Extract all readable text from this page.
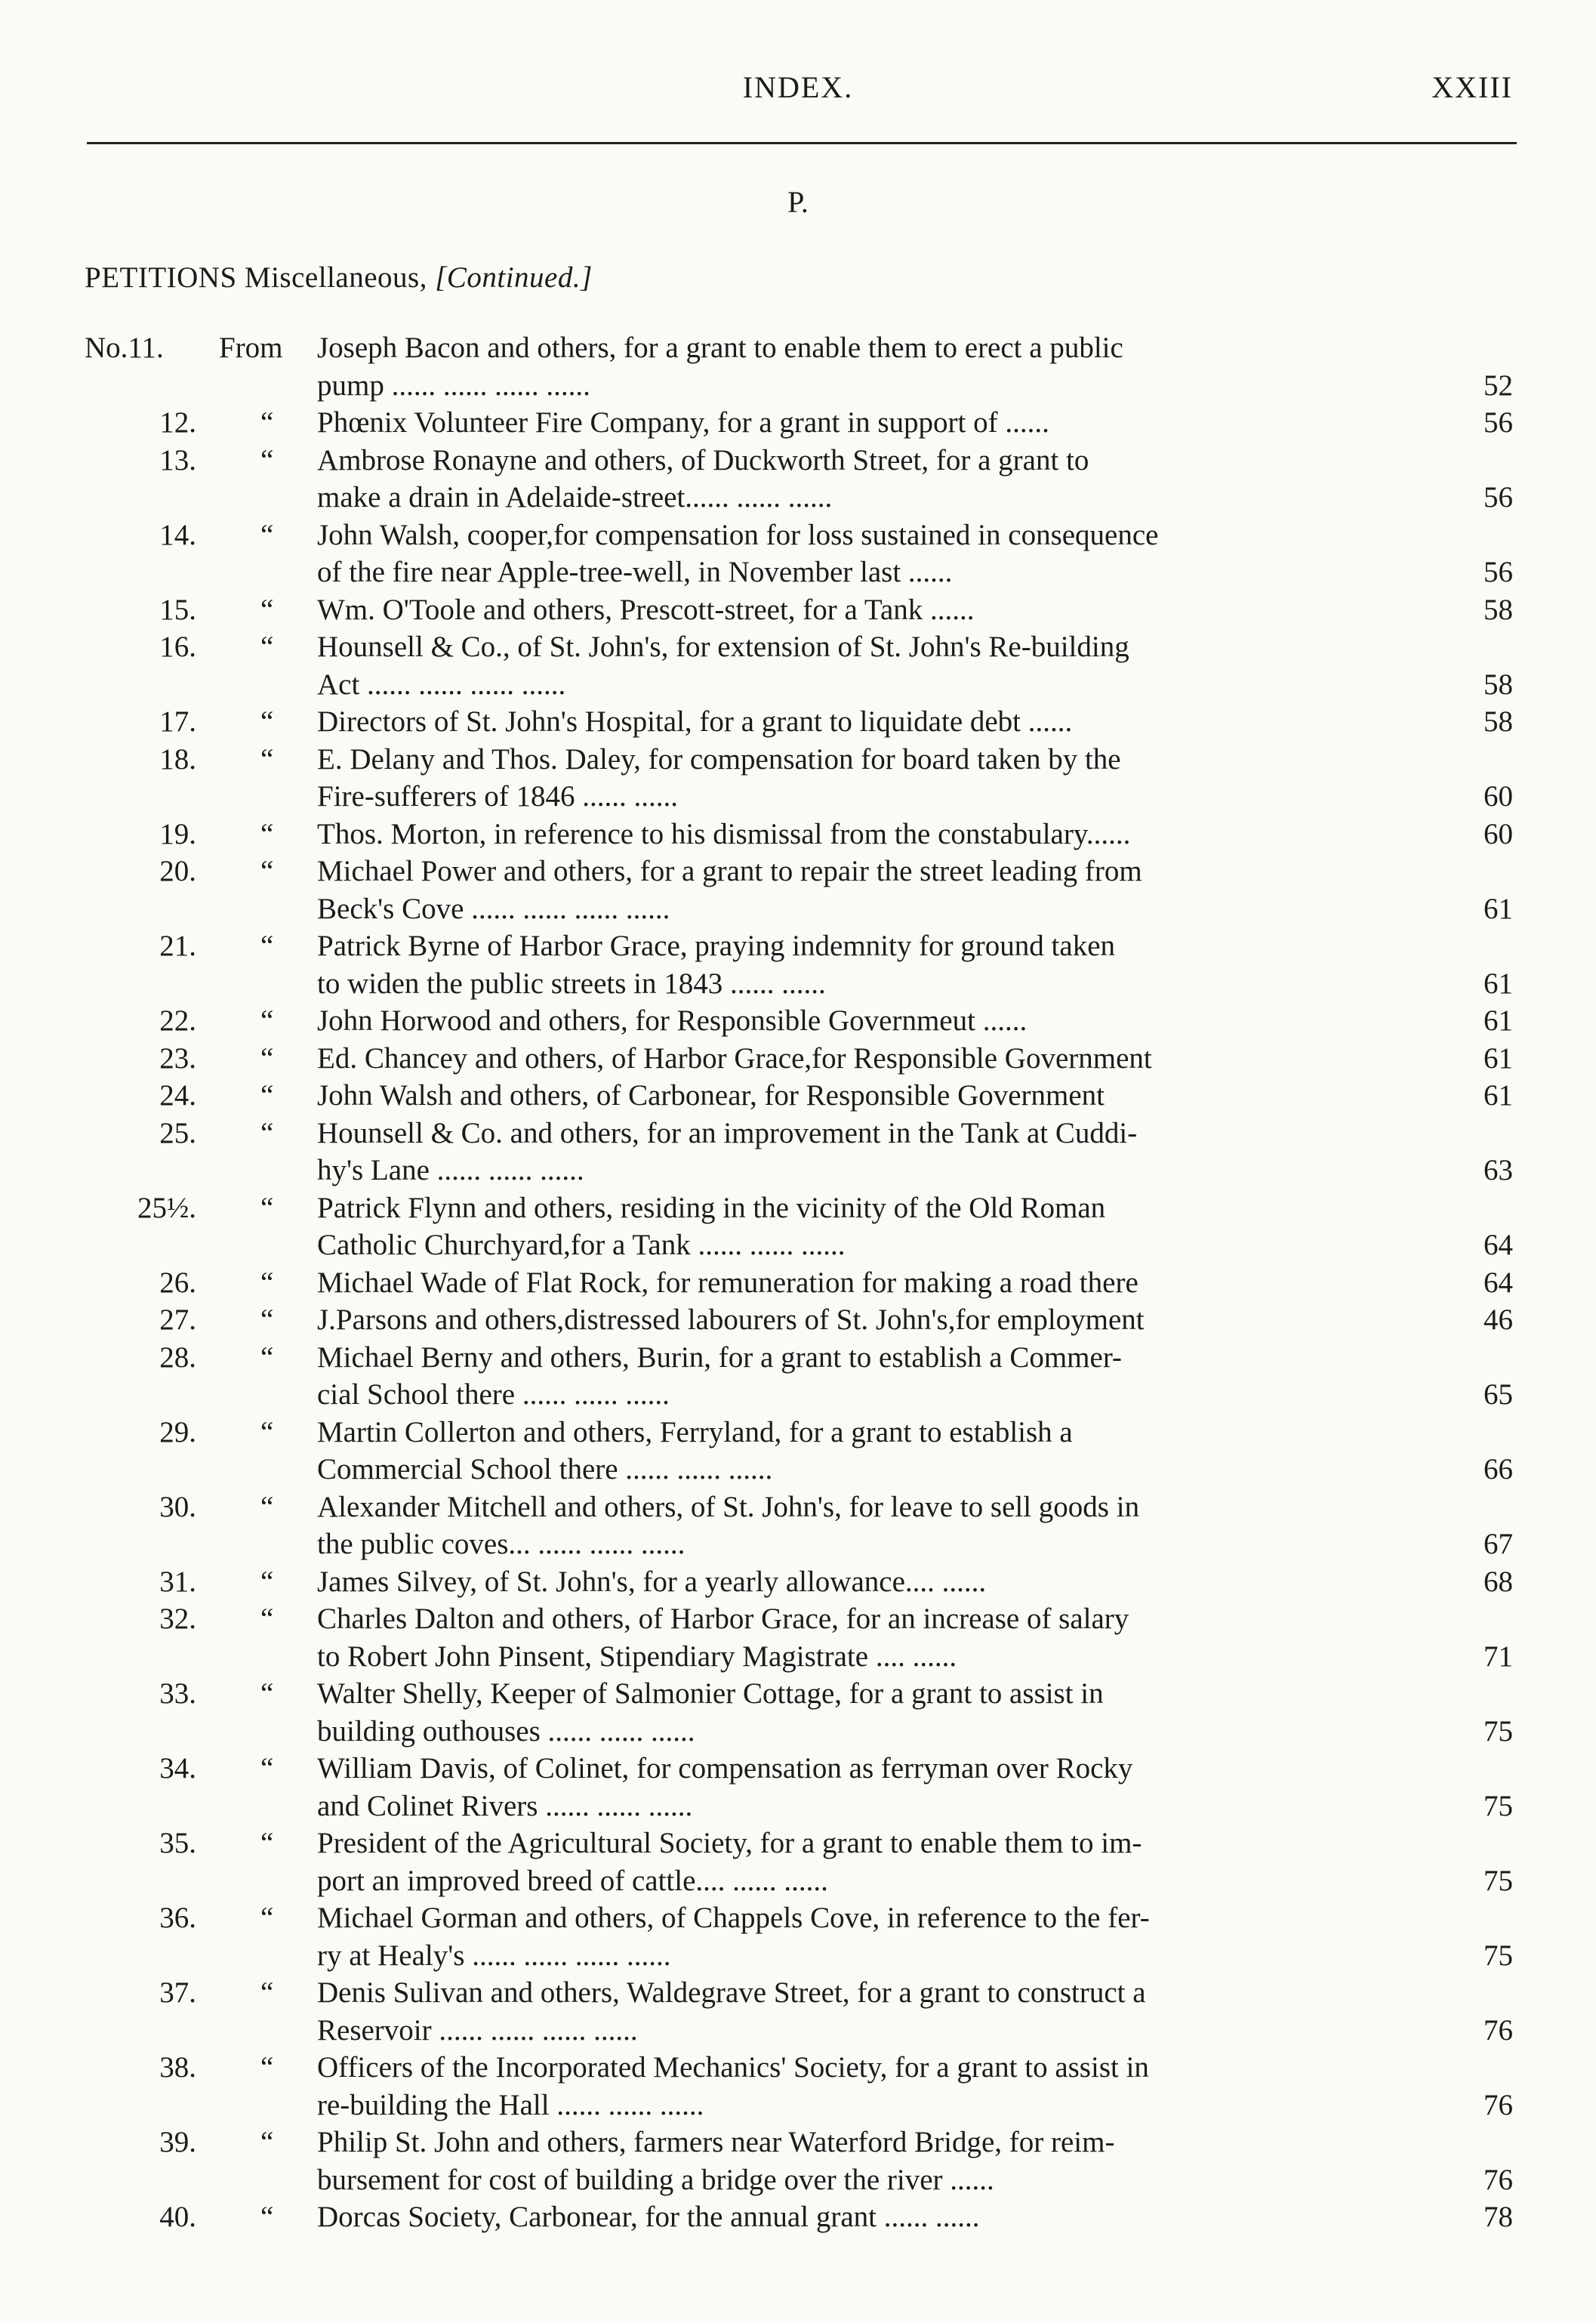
INDEX.	XXIII
P.
PETITIONS Miscellaneous, [Continued.]
No.11.	From Joseph Bacon and others, for a grant to enable them to erect a public
pump ...... ...... ...... ......	52
12. “ Phœnix Volunteer Fire Company, for a grant in support of ......	56
13. “ Ambrose Ronayne and others, of Duckworth Street, for a grant to
make a drain in Adelaide-street...... ...... ......	56
14. “ John Walsh, cooper,for compensation for loss sustained in consequence
of the fire near Apple-tree-well, in November last ......	56
15. “ Wm. O'Toole and others, Prescott-street, for a Tank ......	58
16. “ Hounsell & Co., of St. John's, for extension of St. John's Re-building
Act ...... ...... ...... ......	58
17. “ Directors of St. John's Hospital, for a grant to liquidate debt ......	58
18. “ E. Delany and Thos. Daley, for compensation for board taken by the
Fire-sufferers of 1846 ...... ......	60
19. “ Thos. Morton, in reference to his dismissal from the constabulary......	60
20. “ Michael Power and others, for a grant to repair the street leading from
Beck's Cove ...... ...... ...... ......	61
21. “ Patrick Byrne of Harbor Grace, praying indemnity for ground taken
to widen the public streets in 1843 ...... ......	61
22. “ John Horwood and others, for Responsible Governmeut ......	61
23. “ Ed. Chancey and others, of Harbor Grace,for Responsible Government	61
24. “ John Walsh and others, of Carbonear, for Responsible Government	61
25. “ Hounsell & Co. and others, for an improvement in the Tank at Cuddi-
hy's Lane ...... ...... ......	63
25½. “ Patrick Flynn and others, residing in the vicinity of the Old Roman
Catholic Churchyard,for a Tank ...... ...... ......	64
26. “ Michael Wade of Flat Rock, for remuneration for making a road there	64
27. “ J.Parsons and others,distressed labourers of St. John's,for employment	46
28. “ Michael Berny and others, Burin, for a grant to establish a Commer-
cial School there ...... ...... ......	65
29. “ Martin Collerton and others, Ferryland, for a grant to establish a
Commercial School there ...... ...... ......	66
30. “ Alexander Mitchell and others, of St. John's, for leave to sell goods in
the public coves... ...... ...... ......	67
31. “ James Silvey, of St. John's, for a yearly allowance.... ......	68
32. “ Charles Dalton and others, of Harbor Grace, for an increase of salary
to Robert John Pinsent, Stipendiary Magistrate .... ......	71
33. “ Walter Shelly, Keeper of Salmonier Cottage, for a grant to assist in
building outhouses ...... ...... ......	75
34. “ William Davis, of Colinet, for compensation as ferryman over Rocky
and Colinet Rivers ...... ...... ......	75
35. “ President of the Agricultural Society, for a grant to enable them to im-
port an improved breed of cattle.... ...... ......	75
36. “ Michael Gorman and others, of Chappels Cove, in reference to the fer-
ry at Healy's ...... ...... ...... ......	75
37. “ Denis Sulivan and others, Waldegrave Street, for a grant to construct a
Reservoir ...... ...... ...... ......	76
38. “ Officers of the Incorporated Mechanics' Society, for a grant to assist in
re-building the Hall ...... ...... ......	76
39. “ Philip St. John and others, farmers near Waterford Bridge, for reim-
bursement for cost of building a bridge over the river ......	76
40. “ Dorcas Society, Carbonear, for the annual grant ...... ......	78
